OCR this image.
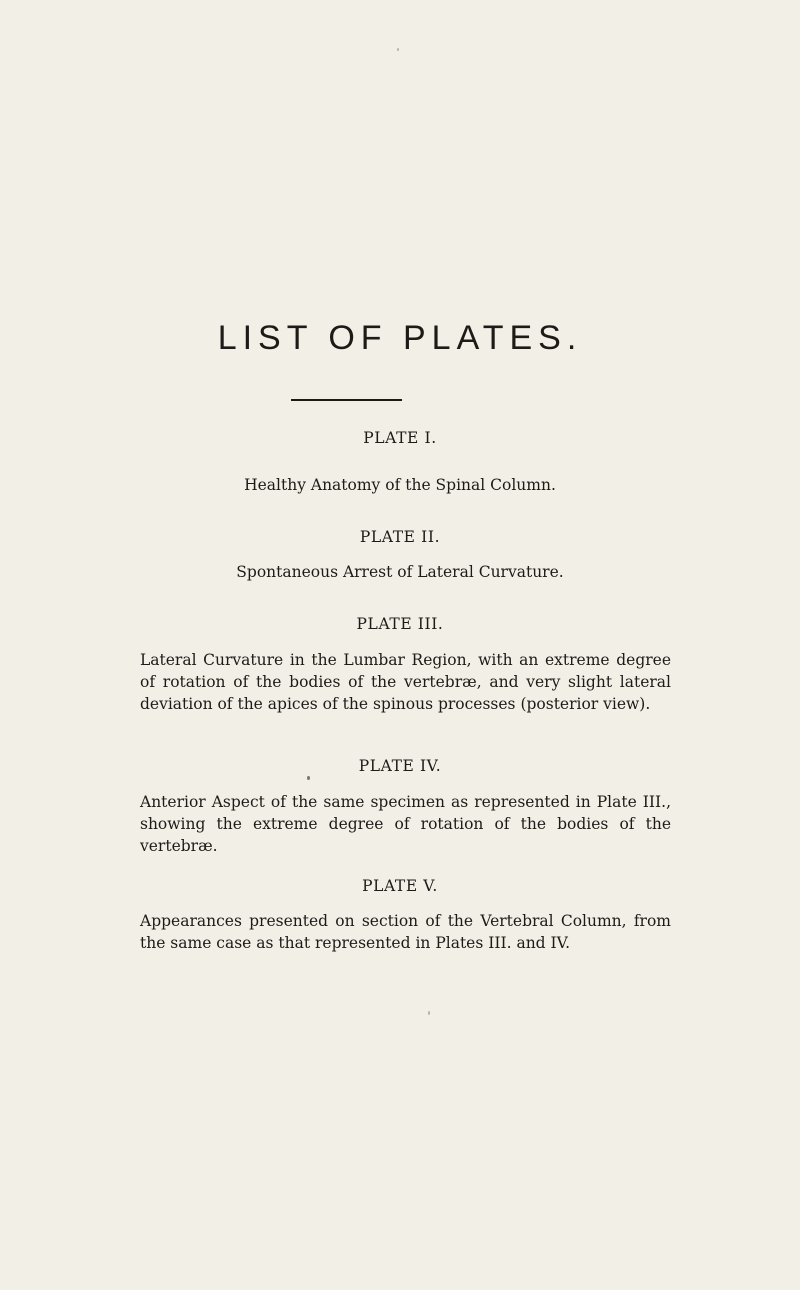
LIST OF PLATES.
PLATE I.

Healthy Anatomy of the Spinal Column.

PLATE II.

Spontaneous Arrest of Lateral Curvature.

PLATE III.

Lateral Curvature in the Lumbar Region, with an extreme degree of rotation of the bodies of the vertebræ, and very slight lateral deviation of the apices of the spinous processes (posterior view).

PLATE IV.

Anterior Aspect of the same specimen as represented in Plate III., showing the extreme degree of rotation of the bodies of the vertebræ.

PLATE V.

Appearances presented on section of the Vertebral Column, from the same case as that represented in Plates III. and IV.
